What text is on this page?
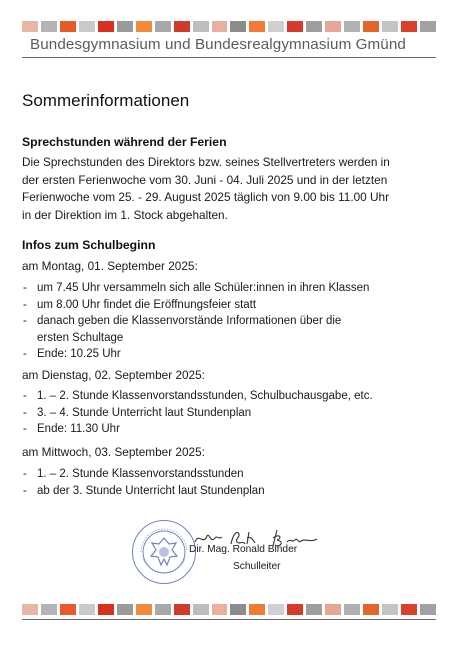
Bundesgymnasium und Bundesrealgymnasium Gmünd
Sommerinformationen
Sprechstunden während der Ferien
Die Sprechstunden des Direktors bzw. seines Stellvertreters werden in
der ersten Ferienwoche vom 30. Juni - 04. Juli 2025 und in der letzten
Ferienwoche vom 25. - 29. August 2025 täglich von 9.00 bis 11.00 Uhr
in der Direktion im 1. Stock abgehalten.
Infos zum Schulbeginn
am Montag, 01. September 2025:
- um 7.45 Uhr versammeln sich alle Schüler:innen in ihren Klassen
- um 8.00 Uhr findet die Eröffnungsfeier statt
- danach geben die Klassenvorstände Informationen über die
ersten Schultage
- Ende: 10.25 Uhr
am Dienstag, 02. September 2025:
- 1. – 2. Stunde Klassenvorstandsstunden, Schulbuchausgabe, etc.
- 3. – 4. Stunde Unterricht laut Stundenplan
- Ende: 11.30 Uhr
am Mittwoch, 03. September 2025:
- 1. – 2. Stunde Klassenvorstandsstunden
- ab der 3. Stunde Unterricht laut Stundenplan
Dir. Mag. Ronald Binder
Schulleiter
